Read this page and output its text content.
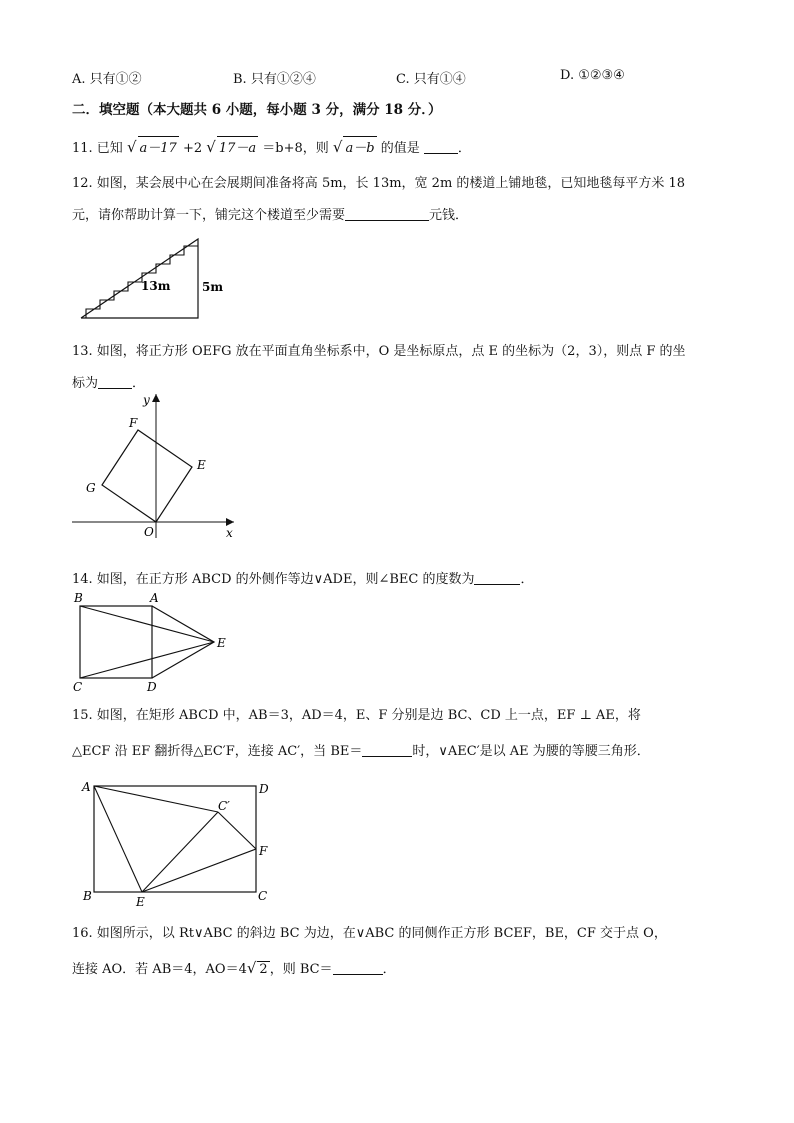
A. 只有①②	B. 只有①②④	C. 只有①④	D. ①②③④
二．填空题（本大题共 6 小题，每小题 3 分，满分 18 分．）
11. 已知 √ a－17 +2 √ 17－a ＝b+8，则 √ a－b 的值是	．
12. 如图，某会展中心在会展期间准备将高 5m，长 13m，宽 2m 的楼道上铺地毯，已知地毯每平方米 18
元，请你帮助计算一下，铺完这个楼道至少需要	元钱．
13m	5m
13. 如图，将正方形 OEFG 放在平面直角坐标系中，O 是坐标原点，点 E 的坐标为（2，3），则点 F 的坐
标为	．
y
x
O
E
F
G
14. 如图，在正方形 ABCD 的外侧作等边∨ADE，则∠BEC 的度数为	．
B	A
E
C	D
15. 如图，在矩形 ABCD 中，AB＝3，AD＝4，E、F 分别是边 BC、CD 上一点，EF ⊥ AE，将
△ECF 沿 EF 翻折得△EC′F，连接 AC′，当 BE＝	时，∨AEC′是以 AE 为腰的等腰三角形．
A	D
C′
F
B	E	C
16. 如图所示，以 Rt∨ABC 的斜边 BC 为边，在∨ABC 的同侧作正方形 BCEF，BE，CF 交于点 O，
连接 AO．若 AB＝4，AO＝4√ 2 ，则 BC＝	．
